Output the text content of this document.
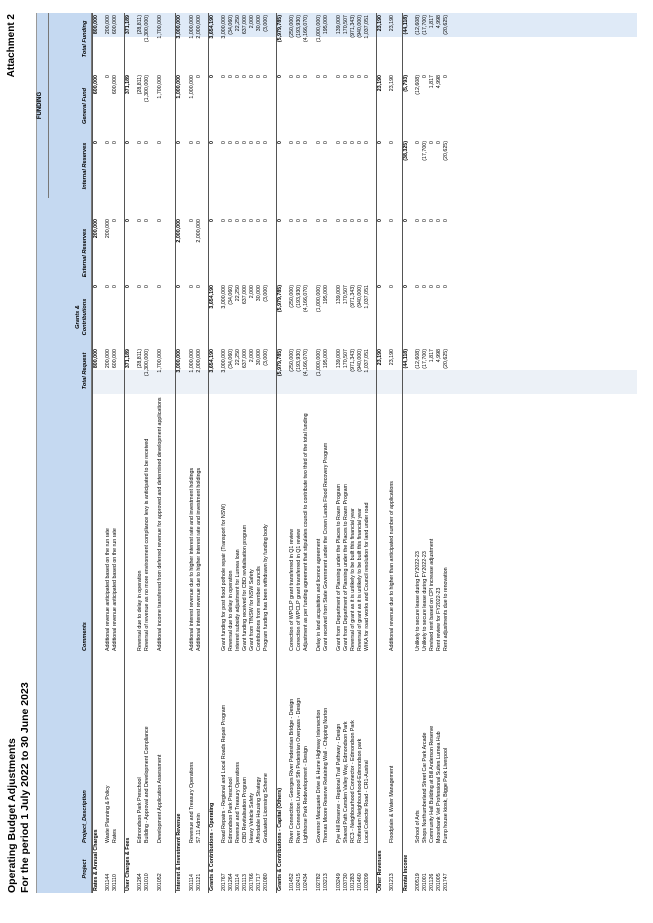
Operating Budget Adjustments For the period 1 July 2022 to 30 June 2023
Attachment 2
FUNDING
Project
Project_Description
Comments
Total Request
Grants & Contributions
External Reserves
Internal Reserves
General Fund
Total Funding
Rates & Annual Charges
800,000
0
200,000
0
600,000
800,000
301144
Waste Planning & Policy
Additional revenue anticipated based on the run rate
200,000
0
200,000
0
0
200,000
301110
Rates
Additional revenue anticipated based on the run rate
600,000
0
0
0
600,000
600,000
User Charges & Fees
371,189
0
0
0
371,189
371,189
301264
Edmondson Park Preschool
Reversal due to delay in operation
(28,811)
0
0
0
(28,811)
(28,811)
301010
Building - Approval and Development Compliance
Reversal of revenue as no more environment compliance levy is anticipated to be received
(1,300,000)
0
0
0
(1,300,000)
(1,300,000)
301052
Development Application Assessment
Additional income transferred from deferred revenue for approved and determined development applications
1,700,000
0
0
0
1,700,000
1,700,000
Interest & Investment Revenue
3,000,000
0
2,000,000
0
1,000,000
3,000,000
301114
Revenue and Treasury Operations
Additional interest revenue due to higher interest rate and investment holdings
1,000,000
0
0
0
1,000,000
1,000,000
301121
S7.11 Admin
Additional interest revenue due to higher interest rate and investment holdings
2,000,000
0
2,000,000
0
0
2,000,000
Grants & Contributions - Operating
3,654,190
3,654,190
0
0
0
3,654,190
201767
Road Repairs - Regional and Local Roads Repair Program
Grant funding for post flood pothole repair (Transport for NSW)
3,000,000
3,000,000
0
0
0
3,000,000
301264
Edmondson Park Preschool
Reversal due to delay in operation
(34,060)
(34,060)
0
0
0
(34,060)
301114
Revenue and Treasury Operations
Interest subsidy adjustment for Lurnea loan
22,250
22,250
0
0
0
22,250
201113
CBD Revitalisation Program
Grant funding received for CBD revitalisation program
637,000
637,000
0
0
0
637,000
201766
Heavy Vehicle Safety
Grant from TfNSW for NSW Safety
2,000
2,000
0
0
0
2,000
201717
Affordable Housing Strategy
Contributions from member councils
30,000
30,000
0
0
0
30,000
201080
Graduated Licensing Scheme
Program funding has been withdrawn by funding body
(3,000)
(3,000)
0
0
0
(3,000)
Grants & Contributions - Capital (Others)
(5,979,785)
(5,979,785)
0
0
0
(5,979,785)
101452
River Connection - Georges River Pedestrian Bridge - Design
Correction of WPCLP grant transferred in Q1 review
(250,000)
(250,000)
0
0
0
(250,000)
102415
River Connection Liverpool Sth Pedestrian Overpass - Design
Correction of WPCLP grant transferred in Q1 review
(193,930)
(193,930)
0
0
0
(193,930)
102434
Lighthorse Park Redevelopment - Design
Adjustment as per funding agreement that stipulates council to contribute two third of the total funding
(4,166,070)
(4,166,070)
0
0
0
(4,166,070)
102782
Governor Macquarie Drive & Hume Highway Intersection
Delay in land acquisition and licence agreement
(1,000,000)
(1,000,000)
0
0
0
(1,000,000)
103213
Thomas Moore Reserve Retaining Wall - Chipping Norton
Grant received from State Government under the Crown Lands Flood Recovery Program
195,000
195,000
0
0
0
195,000
103249
Pye Hill Reserve - Regional Trail Pathway - Design
Grant from Department of Planning under the Places to Roam Program
139,000
139,000
0
0
0
139,000
103730
Shared Path Camden Valley Way, Edmondson Park
Grant from Department of Planning under the Places to Roam Program
170,507
170,507
0
0
0
170,507
101283
RC3 - Neighbourhood Connector - Edmondson Park
Reversal of grant as it is unlikely to be built this financial year
(971,343)
(971,343)
0
0
0
(971,343)
101460
Rotterdam Neighbourhood-Edmondson park
Reversal of grant as it is unlikely to be built this financial year
(940,000)
(940,000)
0
0
0
(940,000)
103209
Local Collector Road - CR1-Austral
WIKA for road works and Council resolution for land under road
1,037,051
1,037,051
0
0
0
1,037,051
Other Revenues
23,190
0
0
0
23,190
23,190
301213
Floodplain & Water Management
Additional revenue due to higher than anticipated number of applications
23,190
0
0
0
23,190
23,190
Rental Income
(44,118)
0
0
(38,325)
(5,793)
(44,118)
200519
School of Arts
Unlikely to secure lease during FY2022-23
(12,608)
0
0
0
(12,608)
(12,608)
201001
Shops Northumberland Street Car Park Arcade
Unlikely to secure lease during FY2022-23
(17,700)
0
0
(17,700)
0
(17,700)
201126
Community Hall Building at Bill Anderson Reserve
Revised rent based on CPI increase adjustment
1,817
0
0
0
1,817
1,817
201005
Moorebank Vet Professional Suites Lurnea Hub
Rent review for FY2022-23
4,998
0
0
0
4,998
4,998
201747
Pump house kiosk, Bigge Park Liverpool
Rent adjustments due to renovation
(20,625)
0
0
(20,625)
0
(20,625)
